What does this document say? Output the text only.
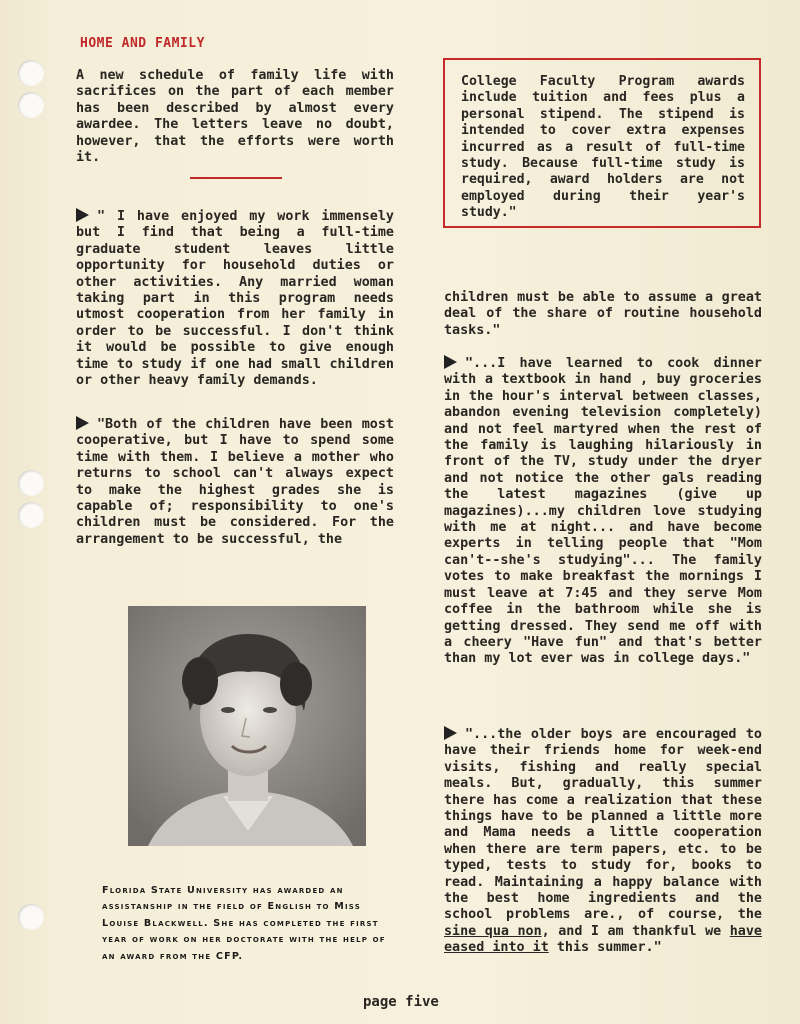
HOME AND FAMILY

A new schedule of family life with sacrifices on the part of each member has been described by almost every awardee. The letters leave no doubt, however, that the efforts were worth it.

" I have enjoyed my work immensely but I find that being a full-time graduate student leaves little opportunity for household duties or other activities. Any married woman taking part in this program needs utmost cooperation from her family in order to be successful. I don't think it would be possible to give enough time to study if one had small children or other heavy family demands.

"Both of the children have been most cooperative, but I have to spend some time with them. I believe a mother who returns to school can't always expect to make the highest grades she is capable of; responsibility to one's children must be considered. For the arrangement to be successful, the

College Faculty Program awards include tuition and fees plus a personal stipend. The stipend is intended to cover extra expenses incurred as a result of full-time study. Because full-time study is required, award holders are not employed during their year's study."

children must be able to assume a great deal of the share of routine household tasks."

"...I have learned to cook dinner with a textbook in hand , buy groceries in the hour's interval between classes, abandon evening television completely) and not feel martyred when the rest of the family is laughing hilariously in front of the TV, study under the dryer and not notice the other gals reading the latest magazines (give up magazines)...my children love studying with me at night... and have become experts in telling people that "Mom can't--she's studying"... The family votes to make breakfast the mornings I must leave at 7:45 and they serve Mom coffee in the bathroom while she is getting dressed. They send me off with a cheery "Have fun" and that's better than my lot ever was in college days."

"...the older boys are encouraged to have their friends home for week-end visits, fishing and really special meals. But, gradually, this summer there has come a realization that these things have to be planned a little more and Mama needs a little cooperation when there are term papers, etc. to be typed, tests to study for, books to read. Maintaining a happy balance with the best home ingredients and the school problems are., of course, the sine qua non, and I am thankful we have eased into it this summer."

Florida State University has awarded an assistanship in the field of English to Miss Louise Blackwell. She has completed the first year of work on her doctorate with the help of an award from the CFP.
page five
